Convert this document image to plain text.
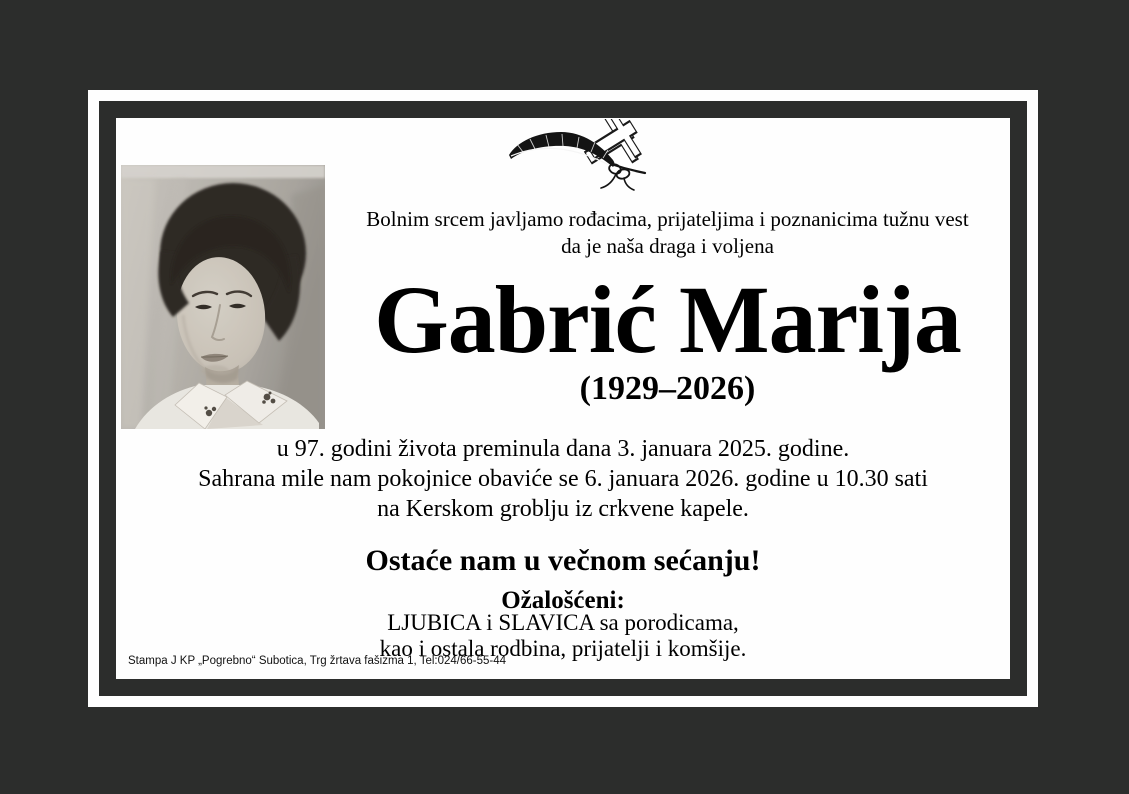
Bolnim srcem javljamo rođacima, prijateljima i poznanicima tužnu vest
da je naša draga i voljena
Gabrić Marija
(1929–2026)
u 97. godini života preminula dana 3. januara 2025. godine.
Sahrana mile nam pokojnice obaviće se 6. januara 2026. godine u 10.30 sati
na Kerskom groblju iz crkvene kapele.
Ostaće nam u večnom sećanju!
Ožalošćeni:
LJUBICA i SLAVICA sa porodicama,
kao i ostala rodbina, prijatelji i komšije.
Stampa J KP „Pogrebno“ Subotica, Trg žrtava fašizma 1, Tel:024/66-55-44
